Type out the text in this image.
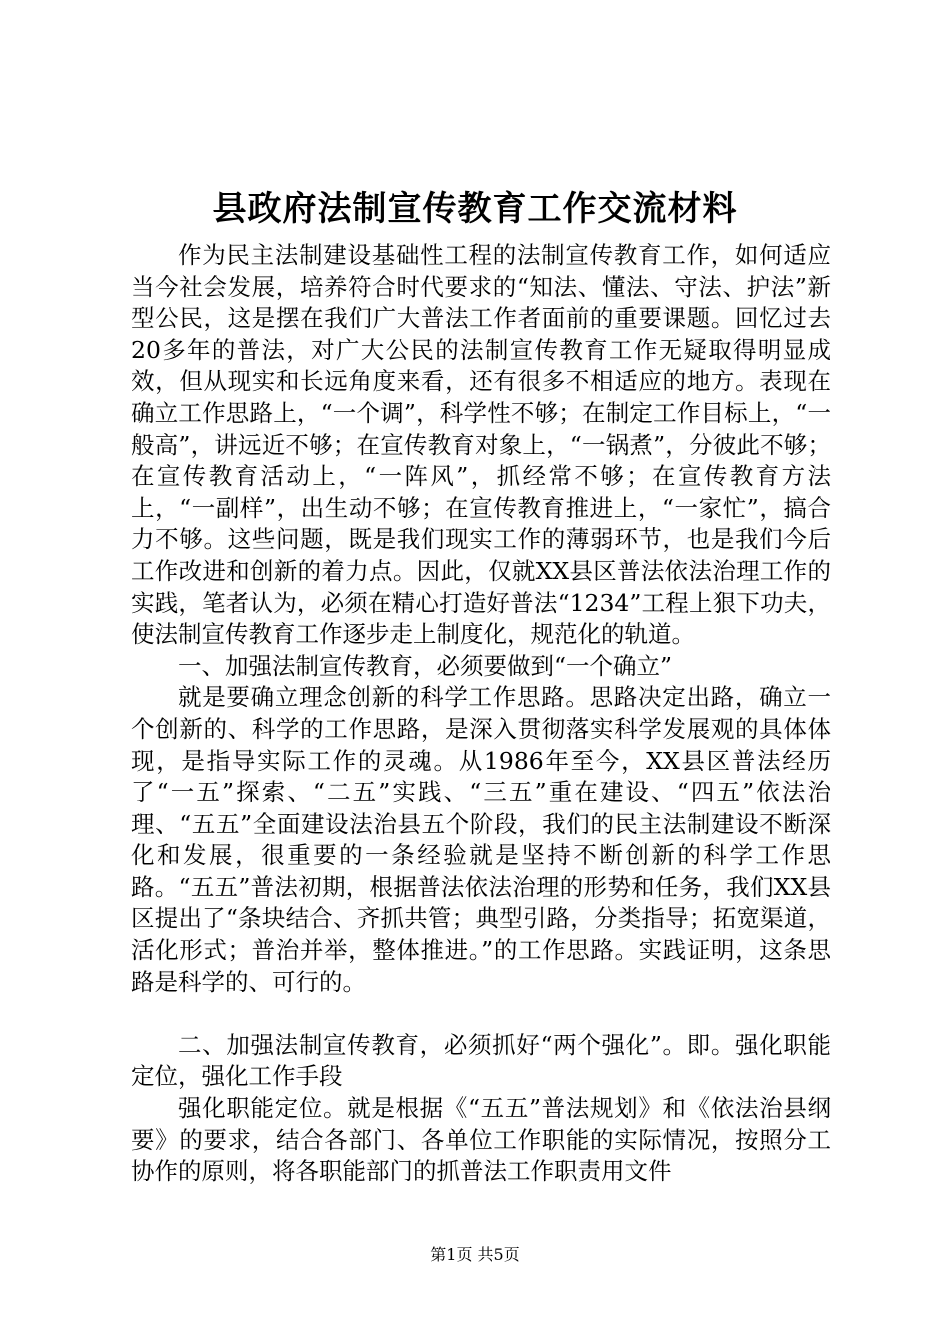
县政府法制宣传教育工作交流材料

作为民主法制建设基础性工程的法制宣传教育工作，如何适应当今社会发展，培养符合时代要求的“知法、懂法、守法、护法”新型公民，这是摆在我们广大普法工作者面前的重要课题。回忆过去20多年的普法，对广大公民的法制宣传教育工作无疑取得明显成效，但从现实和长远角度来看，还有很多不相适应的地方。表现在确立工作思路上，“一个调”，科学性不够；在制定工作目标上，“一般高”，讲远近不够；在宣传教育对象上，“一锅煮”，分彼此不够；在宣传教育活动上，“一阵风”，抓经常不够；在宣传教育方法上，“一副样”，出生动不够；在宣传教育推进上，“一家忙”，搞合力不够。这些问题，既是我们现实工作的薄弱环节，也是我们今后工作改进和创新的着力点。因此，仅就XX县区普法依法治理工作的实践，笔者认为，必须在精心打造好普法“1234”工程上狠下功夫，使法制宣传教育工作逐步走上制度化，规范化的轨道。

一、加强法制宣传教育，必须要做到“一个确立”

就是要确立理念创新的科学工作思路。思路决定出路，确立一个创新的、科学的工作思路，是深入贯彻落实科学发展观的具体体现，是指导实际工作的灵魂。从1986年至今，XX县区普法经历了“一五”探索、“二五”实践、“三五”重在建设、“四五”依法治理、“五五”全面建设法治县五个阶段，我们的民主法制建设不断深化和发展，很重要的一条经验就是坚持不断创新的科学工作思路。“五五”普法初期，根据普法依法治理的形势和任务，我们XX县区提出了“条块结合、齐抓共管；典型引路，分类指导；拓宽渠道，活化形式；普治并举，整体推进。”的工作思路。实践证明，这条思路是科学的、可行的。

二、加强法制宣传教育，必须抓好“两个强化”。即。强化职能定位，强化工作手段

强化职能定位。就是根据《“五五”普法规划》和《依法治县纲要》的要求，结合各部门、各单位工作职能的实际情况，按照分工协作的原则，将各职能部门的抓普法工作职责用文件

第1页 共5页
